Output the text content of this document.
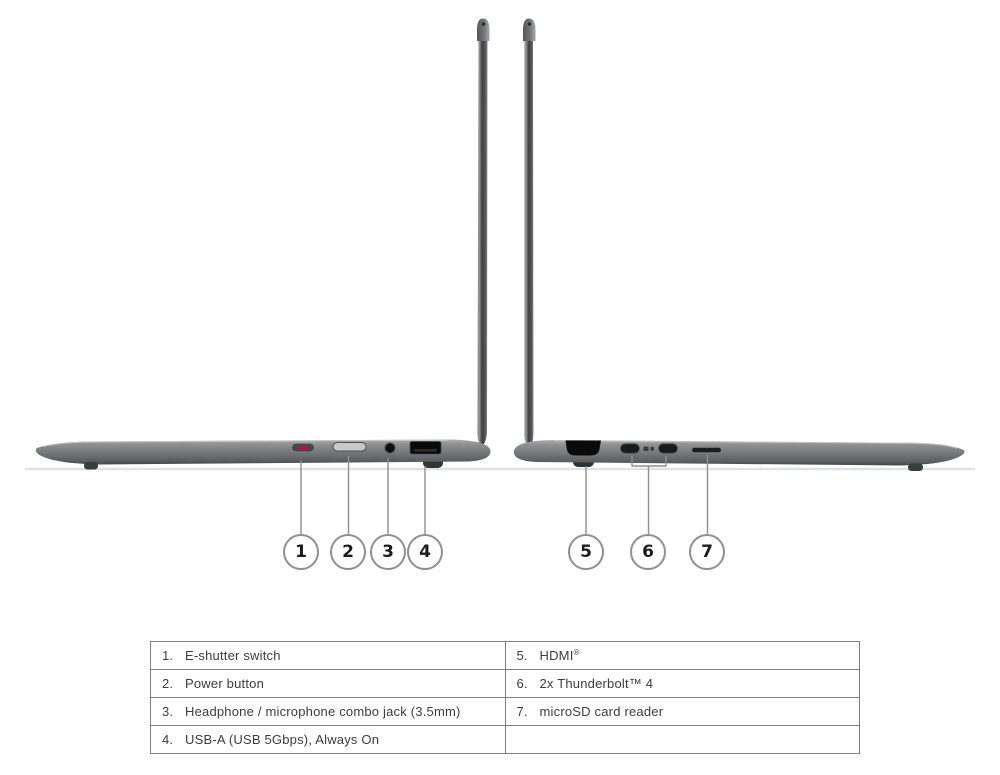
1 2 3 4	5	6	7
1. E-shutter switch	5. HDMI ®

2. Power button	6. 2x Thunderbolt™ 4

3. Headphone / microphone combo jack (3.5mm)	7. microSD card reader

4. USB-A (USB 5Gbps), Always On	
